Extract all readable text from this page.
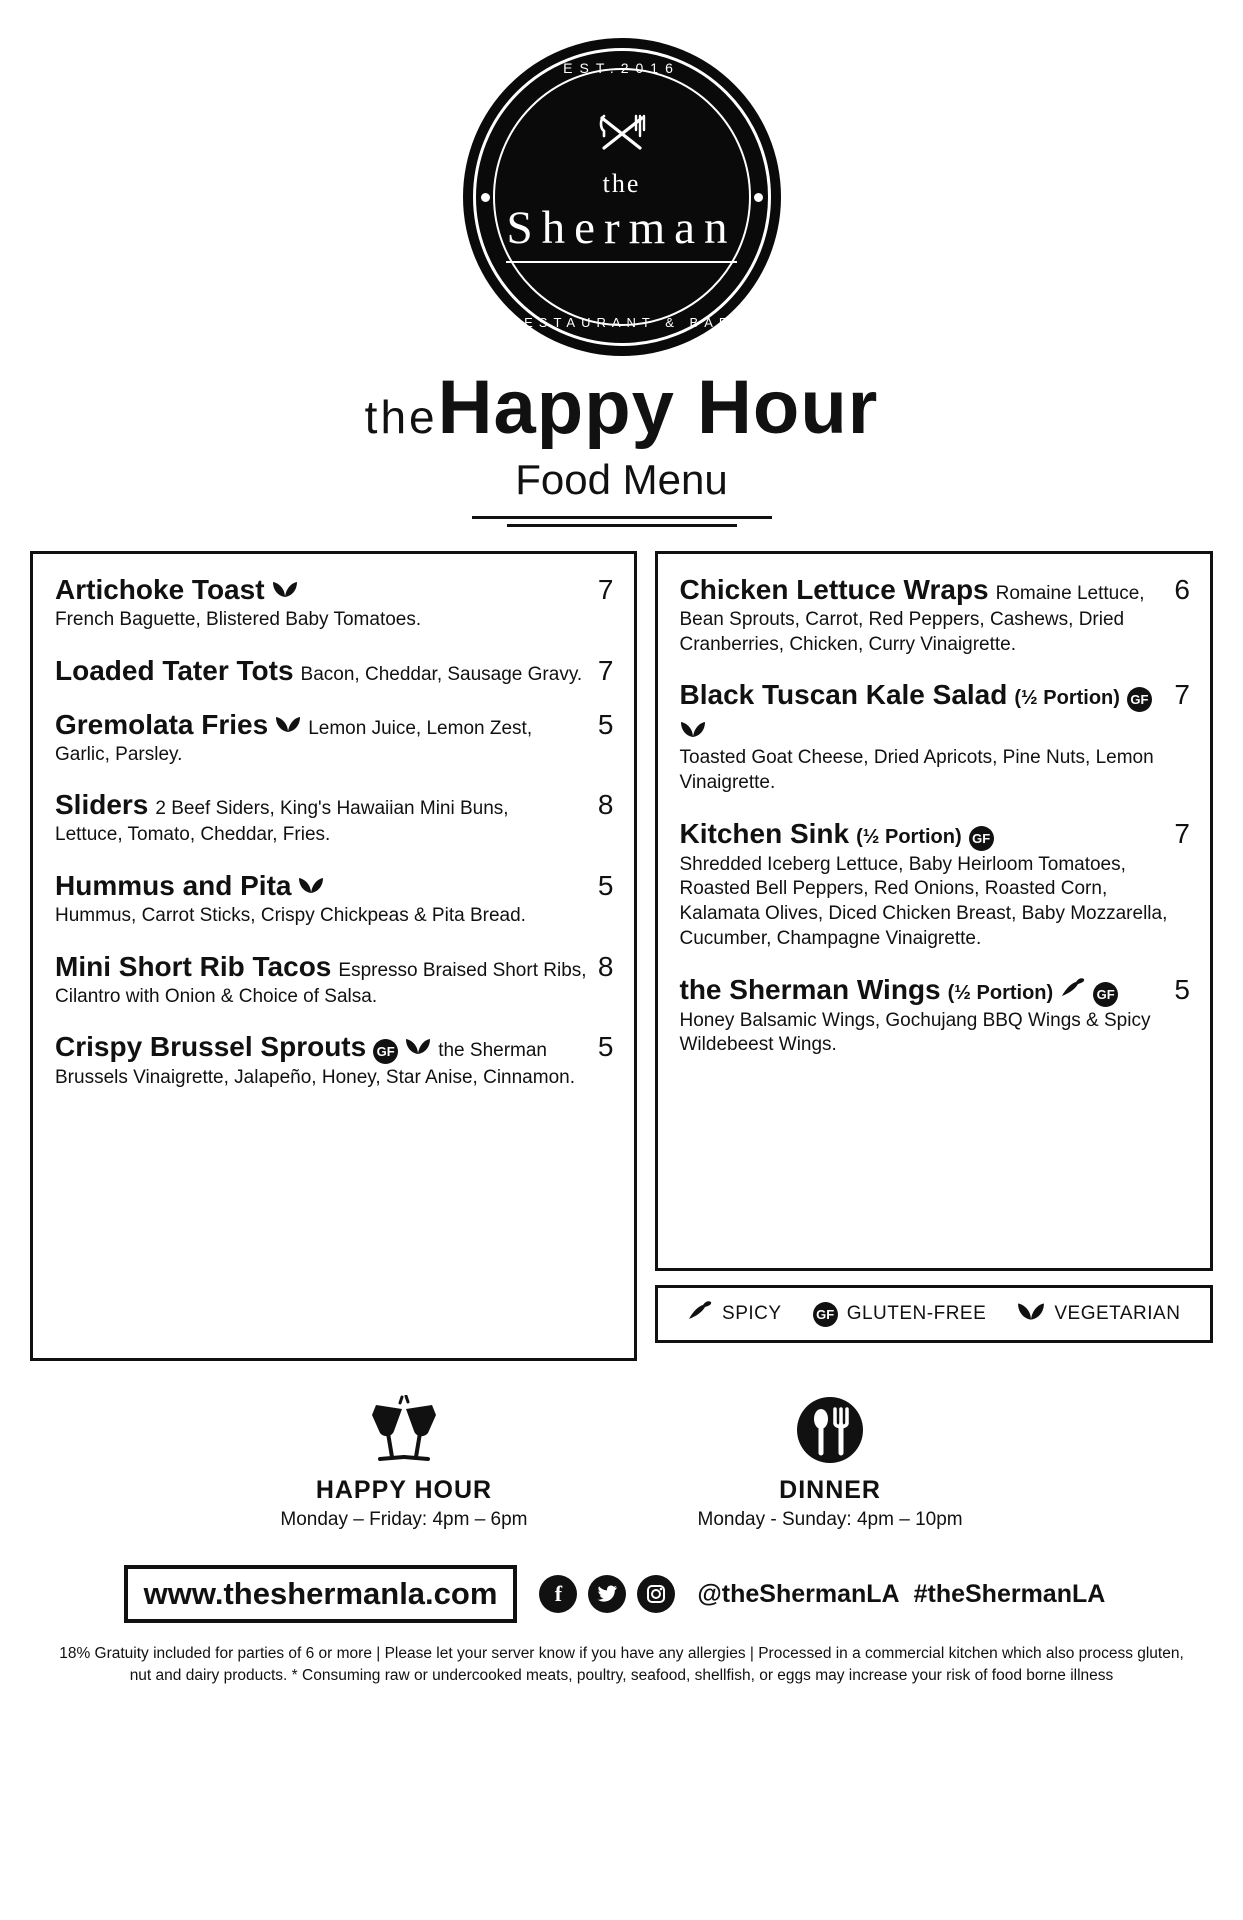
EST.2016
the
Sherman
RESTAURANT & BAR
theHappy Hour
Food Menu
Artichoke Toast	7
French Baguette, Blistered Baby Tomatoes.
Loaded Tater Tots Bacon, Cheddar, Sausage Gravy. 7
Gremolata Fries Lemon Juice, Lemon Zest, 5
Garlic, Parsley.
Sliders 2 Beef Siders, King's Hawaiian Mini Buns,	8
Lettuce, Tomato, Cheddar, Fries.
Hummus and Pita	5
Hummus, Carrot Sticks, Crispy Chickpeas & Pita Bread.
Mini Short Rib Tacos Espresso Braised Short Ribs, 8
Cilantro with Onion & Choice of Salsa.
Crispy Brussel Sprouts GF the Sherman 5
Brussels Vinaigrette, Jalapeño, Honey, Star Anise, Cinnamon.
Chicken Lettuce Wraps Romaine Lettuce, 6
Bean Sprouts, Carrot, Red Peppers, Cashews, Dried Cranberries, Chicken, Curry Vinaigrette.
Black Tuscan Kale Salad (½ Portion) GF 7
Toasted Goat Cheese, Dried Apricots, Pine Nuts, Lemon Vinaigrette.
Kitchen Sink (½ Portion) GF	7
Shredded Iceberg Lettuce, Baby Heirloom Tomatoes, Roasted Bell Peppers, Red Onions, Roasted Corn, Kalamata Olives, Diced Chicken Breast, Baby Mozzarella, Cucumber, Champagne Vinaigrette.
the Sherman Wings (½ Portion)	GF 5
Honey Balsamic Wings, Gochujang BBQ Wings & Spicy Wildebeest Wings.
SPICY	GF GLUTEN-FREE	VEGETARIAN
HAPPY HOUR
Monday – Friday: 4pm – 6pm
DINNER
Monday - Sunday: 4pm – 10pm
www.theshermanla.com	f	@theShermanLA #theShermanLA
18% Gratuity included for parties of 6 or more | Please let your server know if you have any allergies | Processed in a commercial kitchen which also process gluten,
nut and dairy products. * Consuming raw or undercooked meats, poultry, seafood, shellfish, or eggs may increase your risk of food borne illness
